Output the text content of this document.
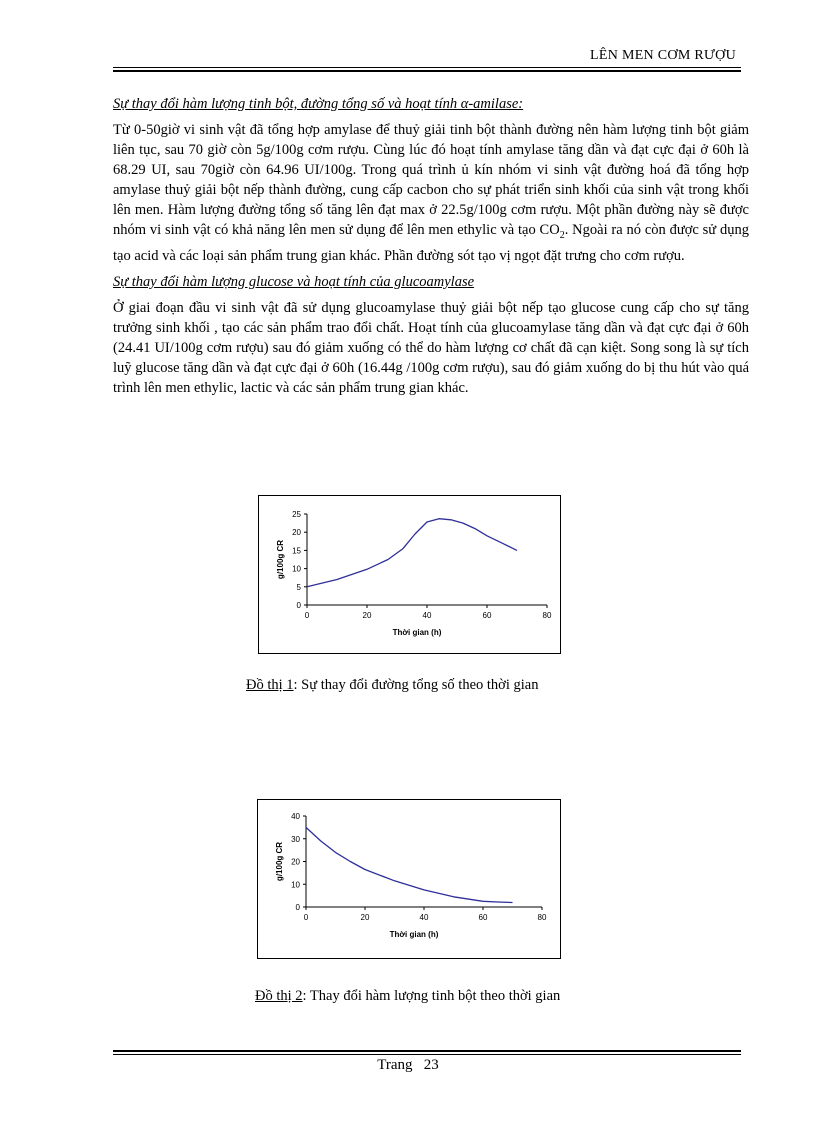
LÊN MEN CƠM RƯỢU

Sự thay đổi hàm lượng tinh bột, đường tổng số và hoạt tính α-amilase:

Từ 0-50giờ vi sinh vật đã tổng hợp amylase để thuỷ giải tinh bột thành đường nên hàm lượng tinh bột giảm liên tục, sau 70 giờ còn 5g/100g cơm rượu. Cùng lúc đó hoạt tính amylase tăng dần và đạt cực đại ở 60h là 68.29 UI, sau 70giờ còn 64.96 UI/100g. Trong quá trình ủ kín nhóm vi sinh vật đường hoá đã tổng hợp amylase thuỷ giải bột nếp thành đường, cung cấp cacbon cho sự phát triển sinh khối của sinh vật trong khối lên men. Hàm lượng đường tổng số tăng lên đạt max ở 22.5g/100g cơm rượu. Một phần đường này sẽ được nhóm vi sinh vật có khả năng lên men sử dụng để lên men ethylic và tạo $CO_2$. Ngoài ra nó còn được sử dụng tạo acid và các loại sản phẩm trung gian khác. Phần đường sót tạo vị ngọt đặt trưng cho cơm rượu.

Sự thay đổi hàm lượng glucose và hoạt tính của glucoamylase

Ở giai đoạn đầu vi sinh vật đã sử dụng glucoamylase thuỷ giải bột nếp tạo glucose cung cấp cho sự tăng trưởng sinh khối , tạo các sản phẩm trao đổi chất. Hoạt tính của glucoamylase tăng dần và đạt cực đại ở 60h (24.41 UI/100g cơm rượu) sau đó giảm xuống có thể do hàm lượng cơ chất đã cạn kiệt. Song song là sự tích luỹ glucose tăng dần và đạt cực đại ở 60h (16.44g /100g cơm rượu), sau đó giảm xuống do bị thu hút vào quá trình lên men ethylic, lactic và các sản phẩm trung gian khác.

0
5
10
15
20
25
0	20	40	60	80
Thời gian (h)
g/100g CR
Đồ thị 1: Sự thay đổi đường tổng số theo thời gian
0
10
20
30
40
0	20	40	60	80
Thời gian (h)
g/100g CR
Đồ thị 2: Thay đổi hàm lượng tinh bột theo thời gian
Trang 23
